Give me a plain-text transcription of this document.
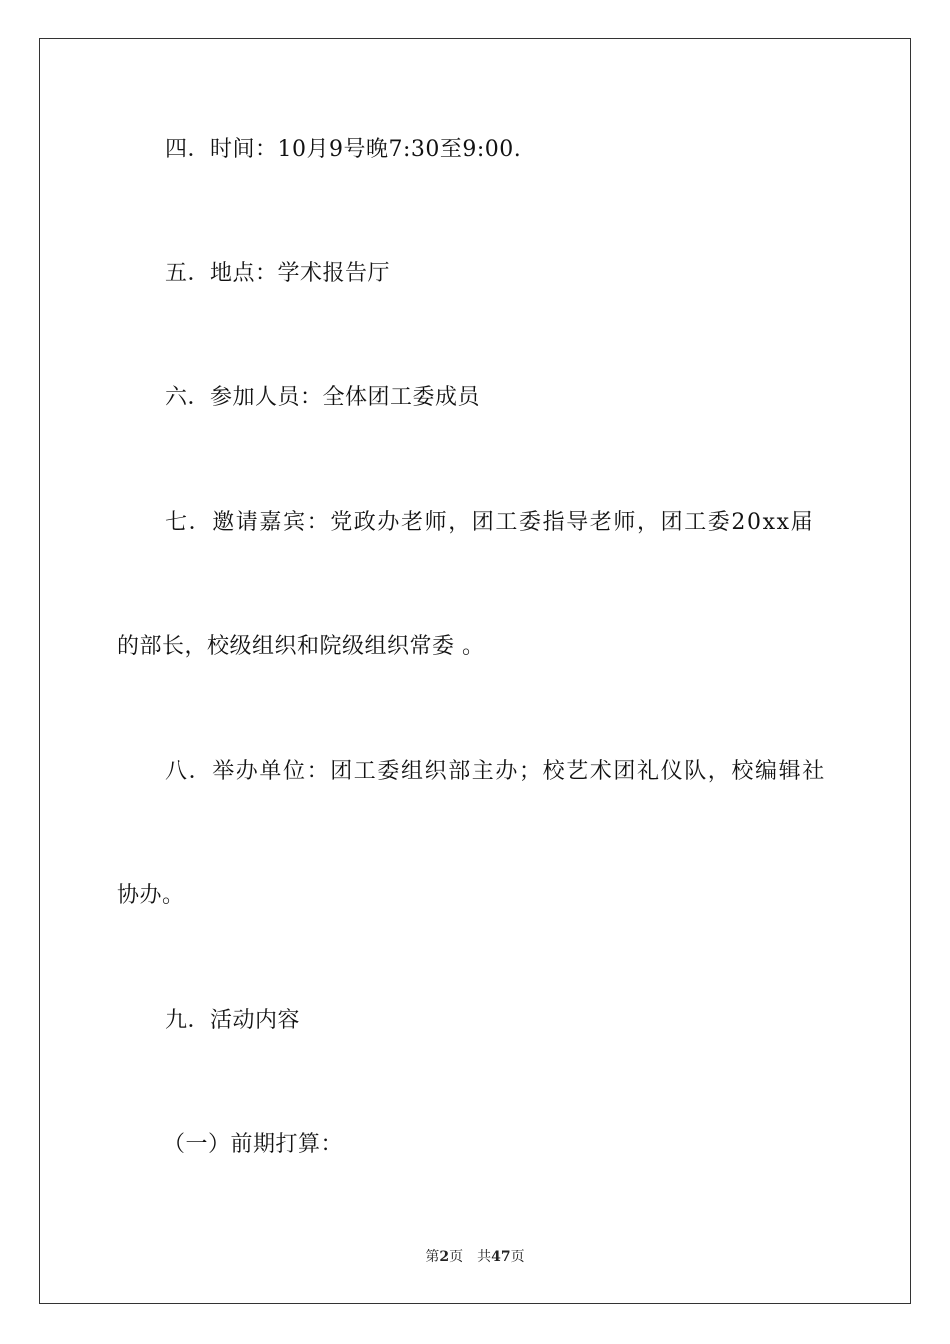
四．时间：10月9号晚7:30至9:00.
五．地点：学术报告厅
六．参加人员：全体团工委成员
七．邀请嘉宾：党政办老师，团工委指导老师，团工委20xx届
的部长，校级组织和院级组织常委 。
八．举办单位：团工委组织部主办；校艺术团礼仪队，校编辑社
协办。
九．活动内容
（一）前期打算：
第2页　共47页
